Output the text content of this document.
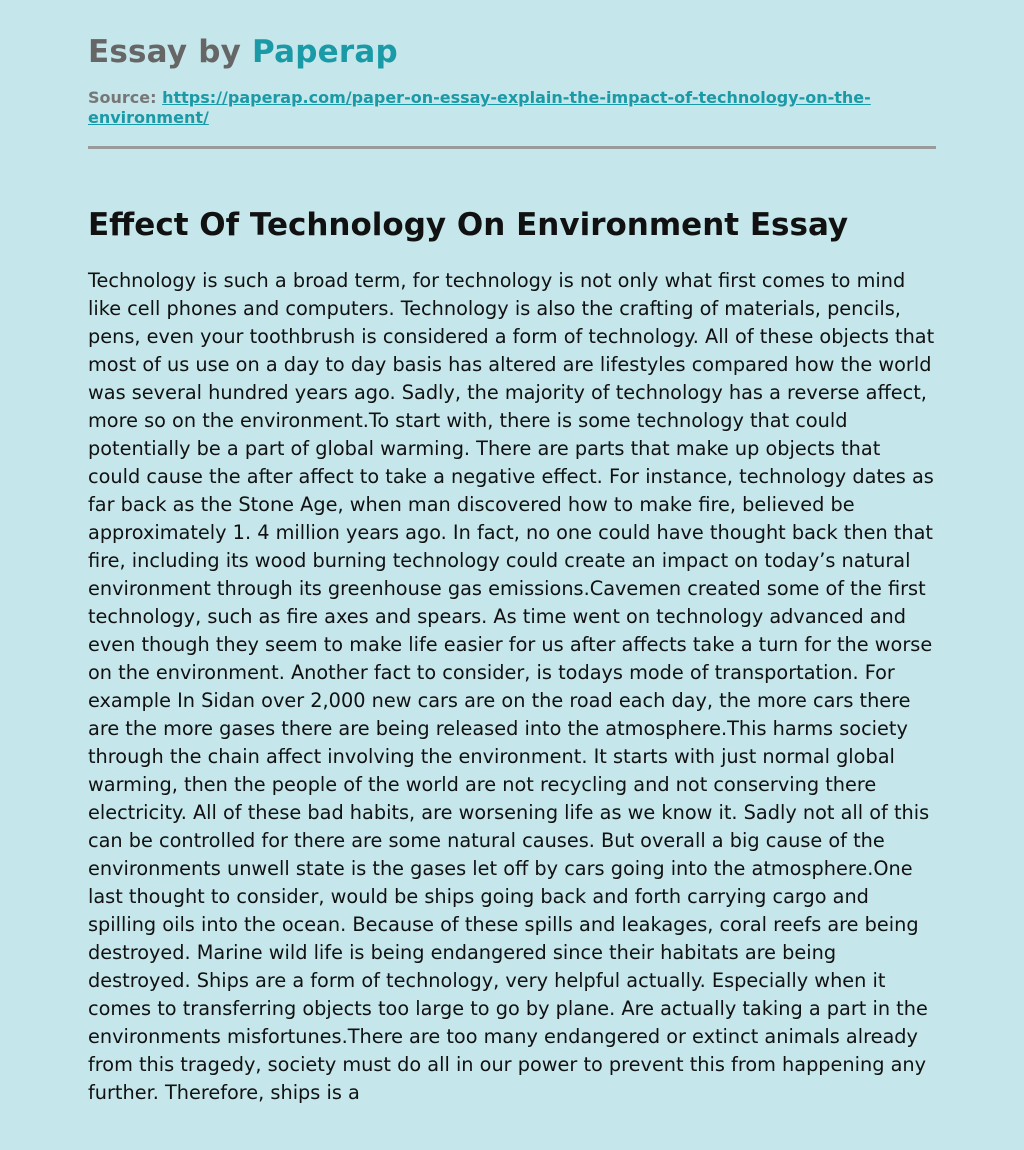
Essay by Paperap
Source: https://paperap.com/paper-on-essay-explain-the-impact-of-technology-on-the-environment/
Effect Of Technology On Environment Essay

Technology is such a broad term, for technology is not only what first comes to mind like cell phones and computers. Technology is also the crafting of materials, pencils, pens, even your toothbrush is considered a form of technology. All of these objects that most of us use on a day to day basis has altered are lifestyles compared how the world was several hundred years ago. Sadly, the majority of technology has a reverse affect, more so on the environment.To start with, there is some technology that could potentially be a part of global warming. There are parts that make up objects that could cause the after affect to take a negative effect. For instance, technology dates as far back as the Stone Age, when man discovered how to make fire, believed be approximately 1. 4 million years ago. In fact, no one could have thought back then that fire, including its wood burning technology could create an impact on today’s natural environment through its greenhouse gas emissions.Cavemen created some of the first technology, such as fire axes and spears. As time went on technology advanced and even though they seem to make life easier for us after affects take a turn for the worse on the environment. Another fact to consider, is todays mode of transportation. For example In Sidan over 2,000 new cars are on the road each day, the more cars there are the more gases there are being released into the atmosphere.This harms society through the chain affect involving the environment. It starts with just normal global warming, then the people of the world are not recycling and not conserving there electricity. All of these bad habits, are worsening life as we know it. Sadly not all of this can be controlled for there are some natural causes. But overall a big cause of the environments unwell state is the gases let off by cars going into the atmosphere.One last thought to consider, would be ships going back and forth carrying cargo and spilling oils into the ocean. Because of these spills and leakages, coral reefs are being destroyed. Marine wild life is being endangered since their habitats are being destroyed. Ships are a form of technology, very helpful actually. Especially when it comes to transferring objects too large to go by plane. Are actually taking a part in the environments misfortunes.There are too many endangered or extinct animals already from this tragedy, society must do all in our power to prevent this from happening any further. Therefore, ships is a
